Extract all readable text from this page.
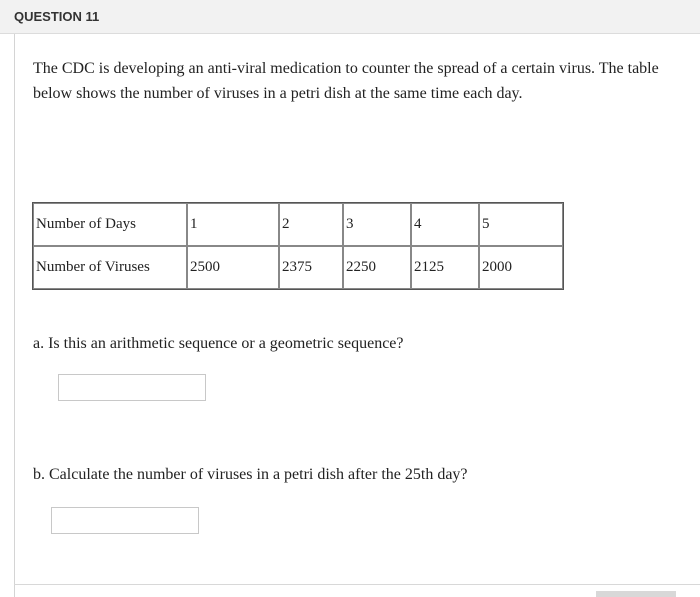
QUESTION 11

The CDC is developing an anti-viral medication to counter the spread of a certain virus. The table below shows the number of viruses in a petri dish at the same time each day.

Number of Days	1	2	3	4	5
Number of Viruses	2500	2375	2250	2125	2000
a. Is this an arithmetic sequence or a geometric sequence?
b. Calculate the number of viruses in a petri dish after the 25th day?
